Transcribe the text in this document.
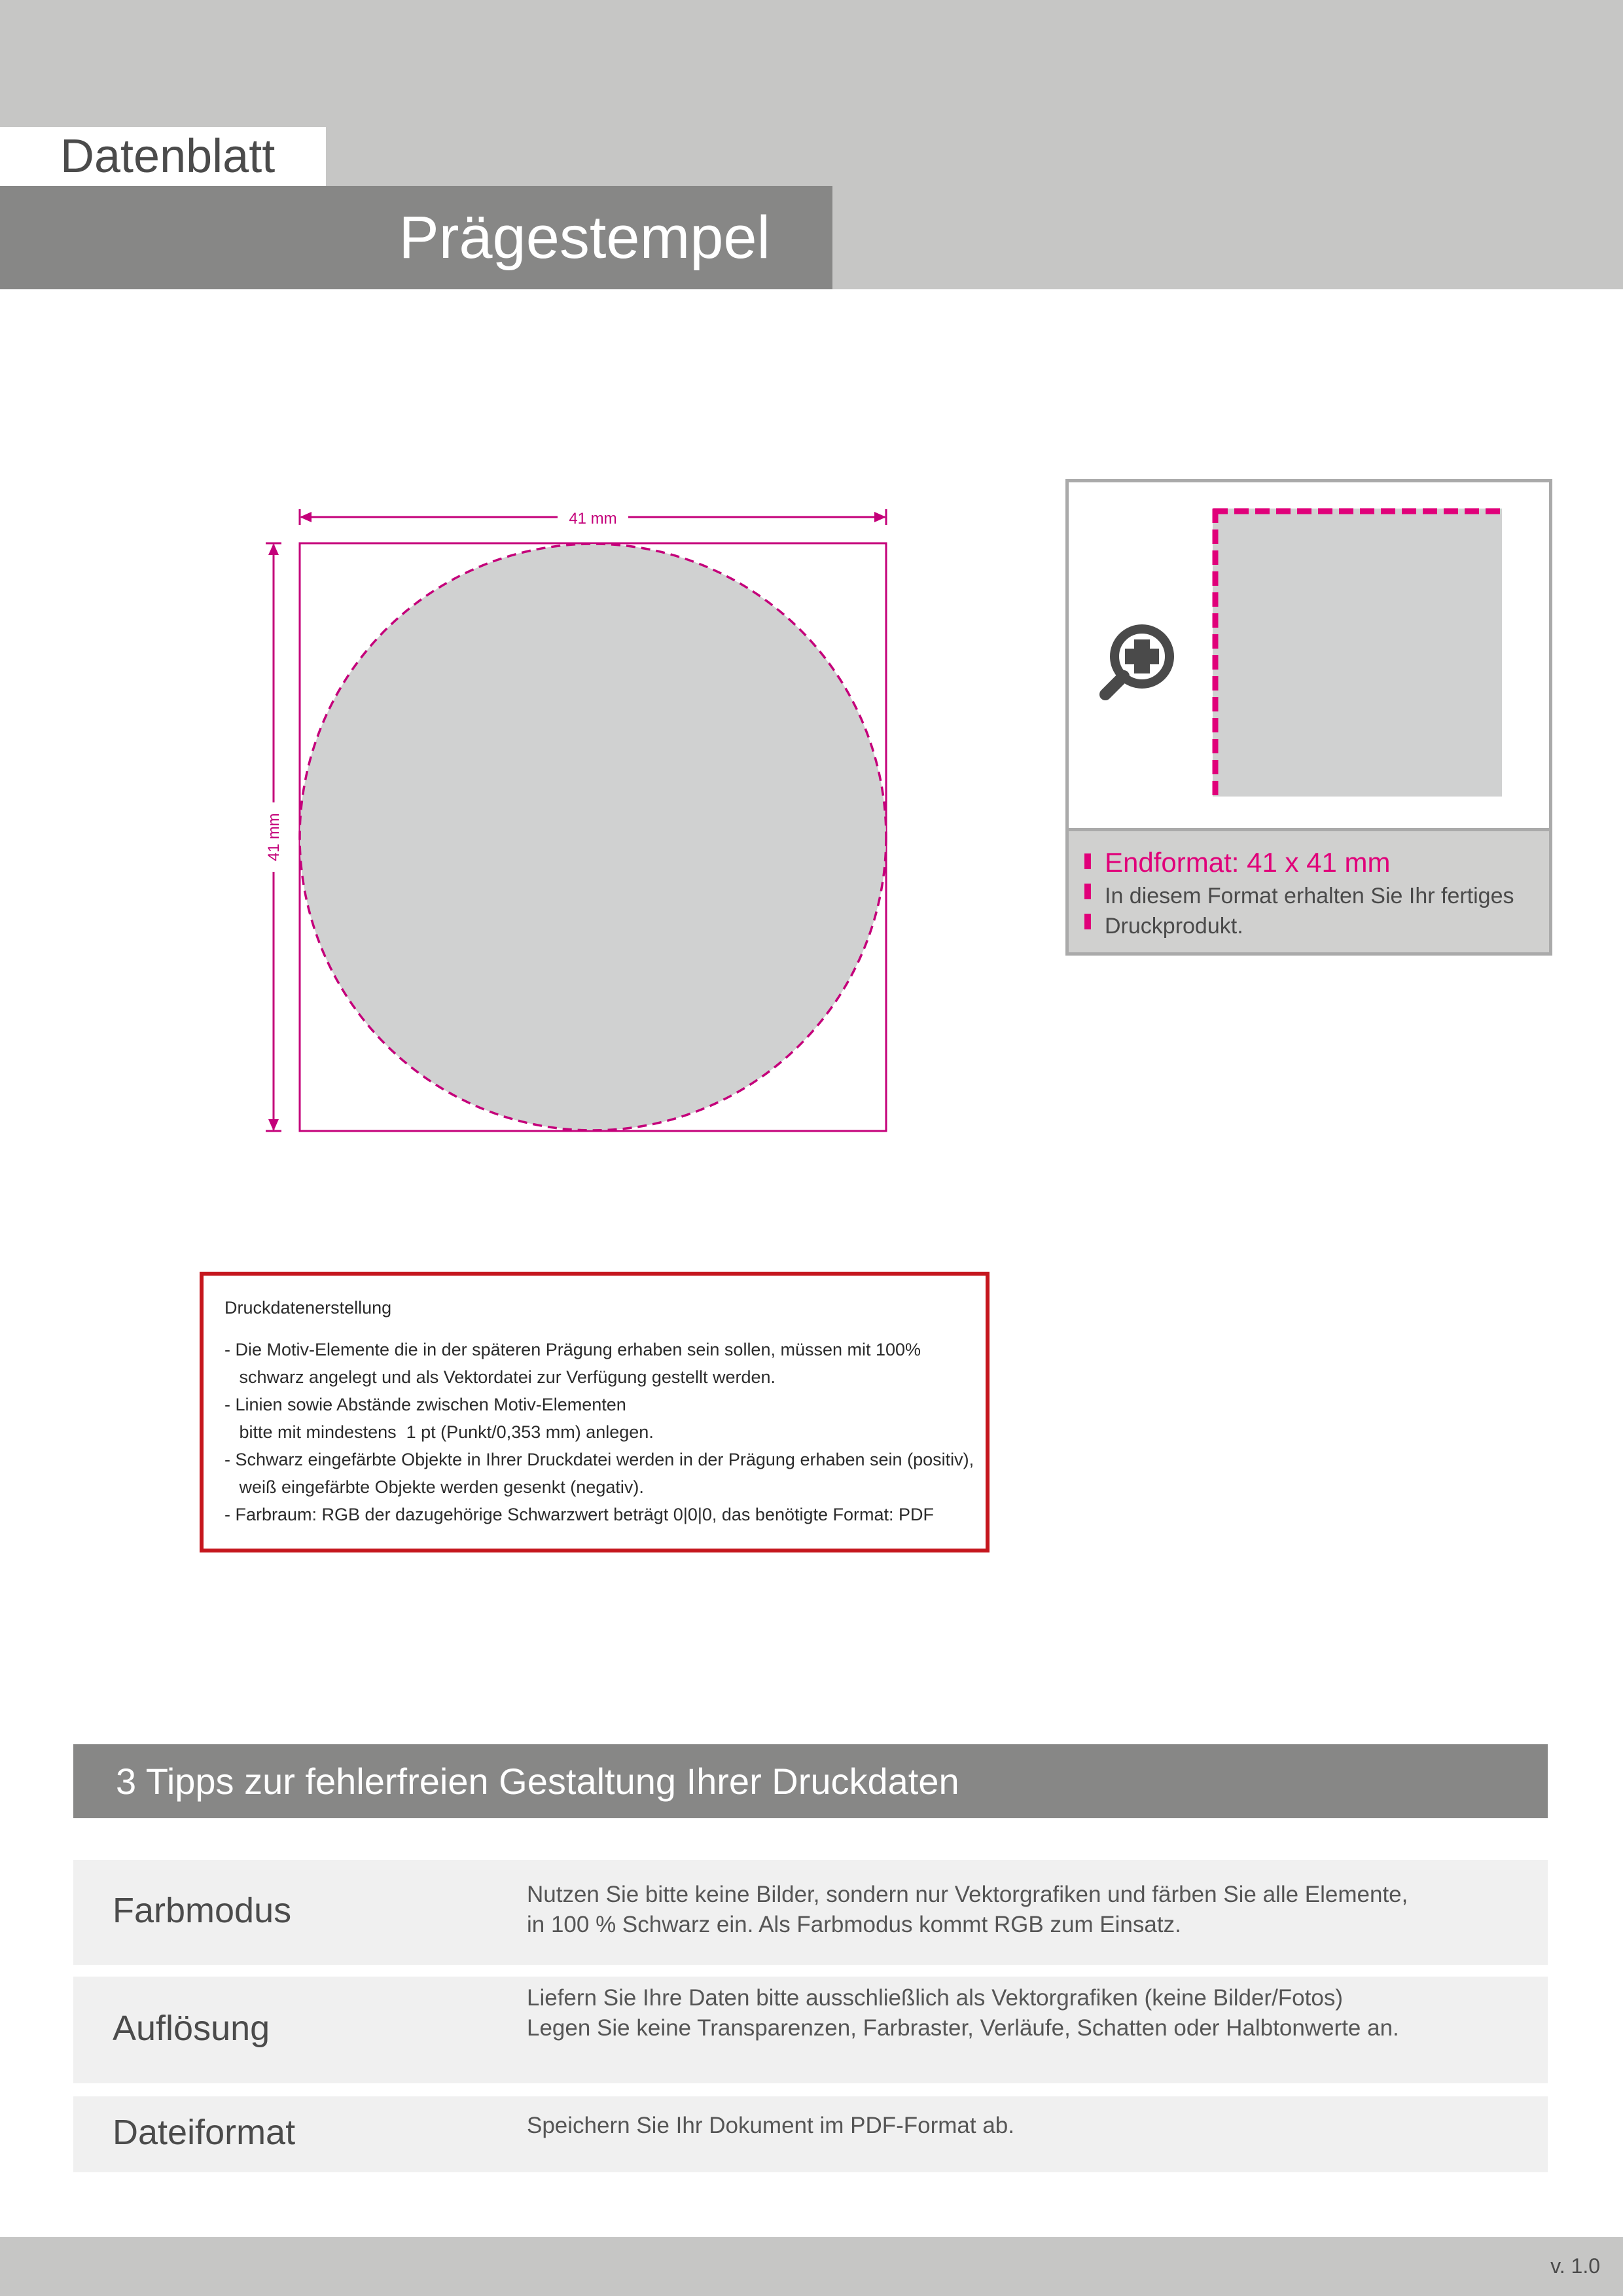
Datenblatt
Prägestempel
41 mm
41 mm
Endformat: 41 x 41 mm
In diesem Format erhalten Sie Ihr fertiges
Druckprodukt.
Druckdatenerstellung
- Die Motiv-Elemente die in der späteren Prägung erhaben sein sollen, müssen mit 100%
schwarz angelegt und als Vektordatei zur Verfügung gestellt werden.
- Linien sowie Abstände zwischen Motiv-Elementen
bitte mit mindestens  1 pt (Punkt/0,353 mm) anlegen.
- Schwarz eingefärbte Objekte in Ihrer Druckdatei werden in der Prägung erhaben sein (positiv),
weiß eingefärbte Objekte werden gesenkt (negativ).
- Farbraum: RGB der dazugehörige Schwarzwert beträgt 0|0|0, das benötigte Format: PDF
3 Tipps zur fehlerfreien Gestaltung Ihrer Druckdaten
Farbmodus	Nutzen Sie bitte keine Bilder, sondern nur Vektorgrafiken und färben Sie alle Elemente,
in 100 % Schwarz ein. Als Farbmodus kommt RGB zum Einsatz.
Auflösung
Liefern Sie Ihre Daten bitte ausschließlich als Vektorgrafiken (keine Bilder/Fotos)
Legen Sie keine Transparenzen, Farbraster, Verläufe, Schatten oder Halbtonwerte an.
Dateiformat	Speichern Sie Ihr Dokument im PDF-Format ab.
v. 1.0
